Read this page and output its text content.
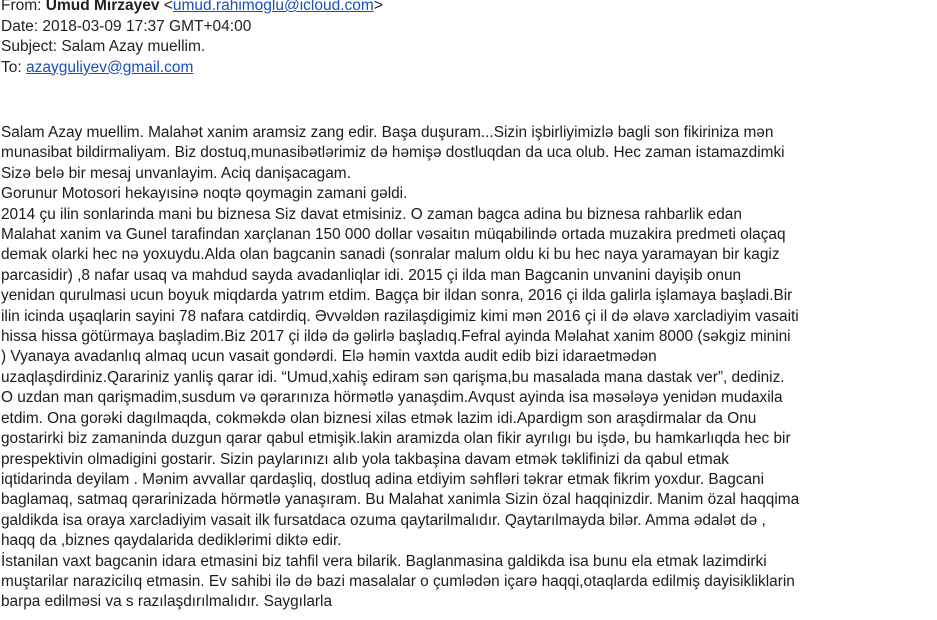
From: Umud Mirzayev <umud.rahimoglu@icloud.com>
Date: 2018-03-09 17:37 GMT+04:00
Subject: Salam Azay muellim.
To: azayguliyev@gmail.com
Salam Azay muellim. Malahət xanim aramsiz zang edir. Başa duşuram...Sizin işbirliyimizlə bagli son fikiriniza mən
munasibat bildirmaliyam. Biz dostuq,munasibətlərimiz də həmişə dostluqdan da uca olub. Hec zaman istamazdimki
Sizə belə bir mesaj unvanlayim. Aciq danişacagam.
Gorunur Motosori hekayısinə noqtə qoymagin zamani gəldi.
2014 çu ilin sonlarinda mani bu biznesa Siz davat etmisiniz. O zaman bagca adina bu biznesa rahbarlik edan
Malahat xanim va Gunel tarafindan xarçlanan 150 000 dollar vəsaitın müqabilində ortada muzakira predmeti olaçaq
demak olarki hec nə yoxuydu.Alda olan bagcanin sanadi (sonralar malum oldu ki bu hec naya yaramayan bir kagiz
parcasidir) ,8 nafar usaq va mahdud sayda avadanliqlar idi. 2015 çi ilda man Bagcanin unvanini dayişib onun
yenidan qurulmasi ucun boyuk miqdarda yatrım etdim. Bagça bir ildan sonra, 2016 çi ilda galirla işlamaya başladi.Bir
ilin icinda uşaqlarin sayini 78 nafara catdirdiq. Əvvəldən razilaşdigimiz kimi mən 2016 çi il də əlavə xarcladiyim vasaiti
hissa hissa götürmaya başladim.Biz 2017 çi ildə də gəlirlə başladıq.Fefral ayinda Məlahat xanim 8000 (səkgiz minini
) Vyanaya avadanlıq almaq ucun vasait gondərdi. Elə həmin vaxtda audit edib bizi idaraetmədən
uzaqlaşdirdiniz.Qarariniz yanliş qarar idi. “Umud,xahiş ediram sən qarişma,bu masalada mana dastak ver”, dediniz.
O uzdan man qarişmadim,susdum və qərarınıza hörmətlə yanaşdim.Avqust ayinda isa məsələyə yenidən mudaxila
etdim. Ona gorəki dagılmaqda, cokməkdə olan biznesi xilas etmək lazim idi.Apardigm son araşdirmalar da Onu
gostarirki biz zamaninda duzgun qarar qabul etmişik.lakin aramizda olan fikir ayrılıgı bu işdə, bu hamkarlıqda hec bir
prespektivin olmadigini gostarir. Sizin paylarınızı alıb yola takbaşina davam etmək təklifinizi da qabul etmak
iqtidarinda deyilam . Mənim avvallar qardaşliq, dostluq adina etdiyim səhfləri təkrar etmak fikrim yoxdur. Bagcani
baglamaq, satmaq qərarinizada hörmətlə yanaşıram. Bu Malahat xanimla Sizin özal haqqinizdir. Manim özal haqqima
galdikda isa oraya xarcladiyim vasait ilk fursatdaca ozuma qaytarilmalıdır. Qaytarılmayda bilər. Amma ədalət də ,
haqq da ,biznes qaydalarida dediklərimi diktə edir.
İstanilan vaxt bagcanin idara etmasini biz tahfil vera bilarik. Baglanmasina galdikda isa bunu ela etmak lazimdirki
muştarilar narazicilıq etmasin. Ev sahibi ilə də bazi masalalar o çumlədən içarə haqqi,otaqlarda edilmiş dayisikliklarin
barpa edilməsi va s razılaşdırılmalıdır. Saygılarla
